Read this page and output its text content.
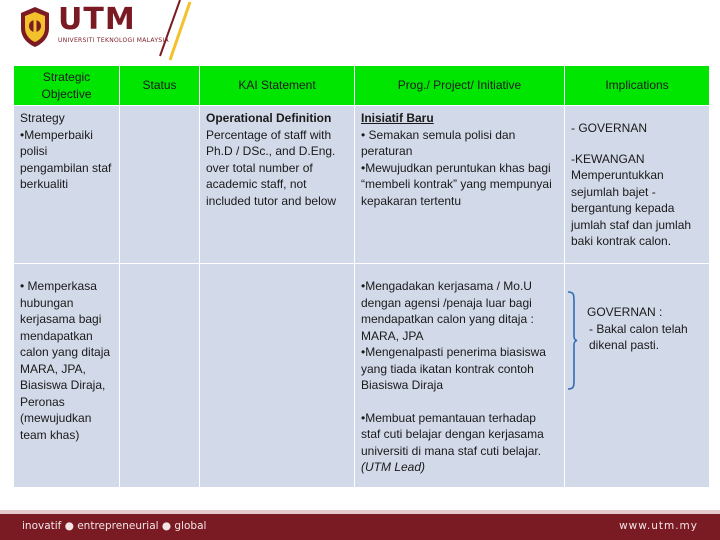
UTM
UNIVERSITI TEKNOLOGI MALAYSIA
Strategic Objective	Status	KAI Statement	Prog./ Project/ Initiative	Implications

Strategy
•Memperbaiki polisi pengambilan staf berkualiti		Operational Definition
Percentage of staff with Ph.D / DSc., and D.Eng. over total number of academic staff, not included tutor and below	Inisiatif Baru
• Semakan semula polisi dan peraturan
•Mewujudkan peruntukan khas bagi “membeli kontrak” yang mempunyai kepakaran tertentu	- GOVERNAN
-KEWANGAN
Memperuntukkan sejumlah bajet - bergantung kepada jumlah staf dan jumlah baki kontrak calon.

• Memperkasa hubungan kerjasama bagi mendapatkan calon yang ditaja MARA, JPA, Biasiswa Diraja, Peronas (mewujudkan team khas)			•Mengadakan kerjasama / Mo.U dengan agensi /penaja luar bagi mendapatkan calon yang ditaja : MARA, JPA
•Mengenalpasti penerima biasiswa yang tiada ikatan kontrak contoh Biasiswa Diraja
•Membuat pemantauan terhadap staf cuti belajar dengan kerjasama universiti di mana staf cuti belajar. (UTM Lead)	GOVERNAN :
- Bakal calon telah dikenal pasti.
inovatif ● entrepreneurial ● global	www.utm.my
